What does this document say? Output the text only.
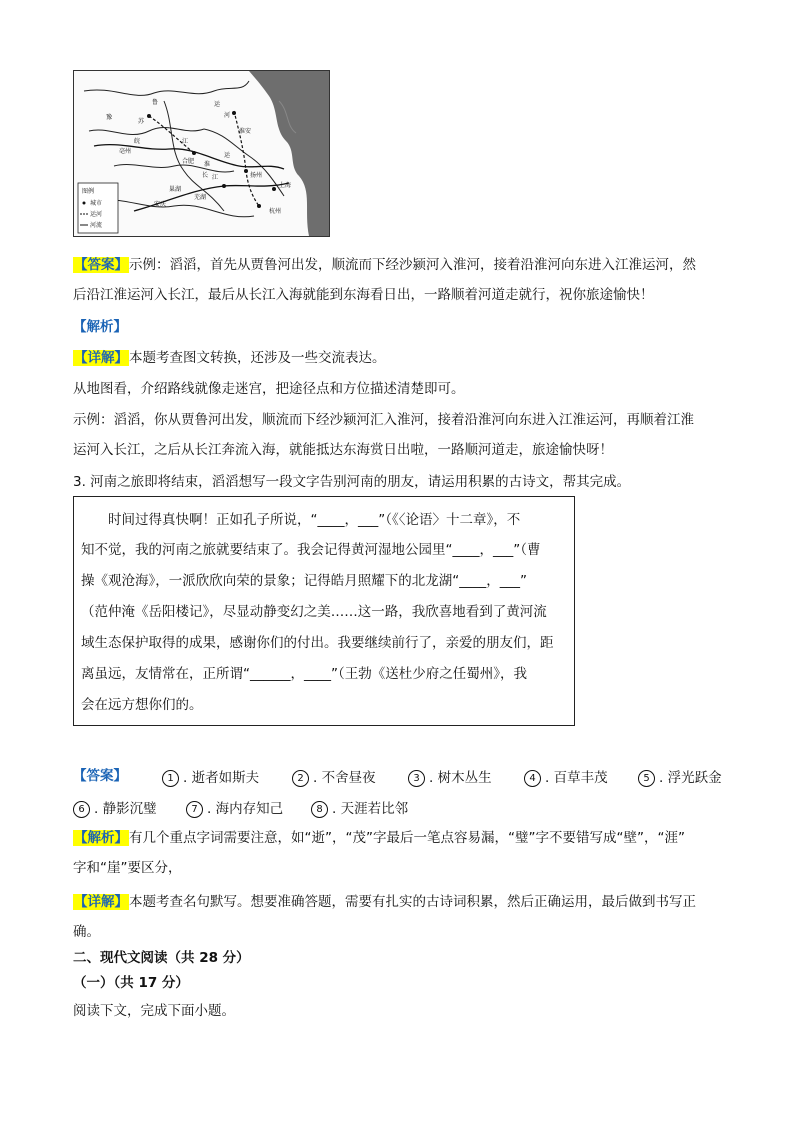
鲁
苏
皖
豫
运
河
淮安
江
淮
运
上海
杭州
扬州
长 江
巢湖
芜湖
安庆
合肥
亳州
图例
城市
运河
河流
【答案】示例：滔滔，首先从贾鲁河出发，顺流而下经沙颍河入淮河，接着沿淮河向东进入江淮运河，然
后沿江淮运河入长江，最后从长江入海就能到东海看日出，一路顺着河道走就行，祝你旅途愉快！
【解析】
【详解】本题考查图文转换，还涉及一些交流表达。
从地图看，介绍路线就像走迷宫，把途径点和方位描述清楚即可。
示例：滔滔，你从贾鲁河出发，顺流而下经沙颍河汇入淮河，接着沿淮河向东进入江淮运河，再顺着江淮
运河入长江，之后从长江奔流入海，就能抵达东海赏日出啦，一路顺河道走，旅途愉快呀！
3. 河南之旅即将结束，滔滔想写一段文字告别河南的朋友，请运用积累的古诗文，帮其完成。
　　时间过得真快啊！正如孔子所说，“____，___”（《〈论语〉十二章》，不
知不觉，我的河南之旅就要结束了。我会记得黄河湿地公园里“____，___”（曹
操《观沧海》，一派欣欣向荣的景象；记得皓月照耀下的北龙湖“____，___”
（范仲淹《岳阳楼记》，尽显动静变幻之美……这一路，我欣喜地看到了黄河流
域生态保护取得的成果，感谢你们的付出。我要继续前行了，亲爱的朋友们，距
离虽远，友情常在，正所谓“______，____”（王勃《送杜少府之任蜀州》，我
会在远方想你们的。
【答案】	1 . 逝者如斯夫	2 . 不舍昼夜	3 . 树木丛生	4 . 百草丰茂	5 . 浮光跃金
6 . 静影沉璧	7 . 海内存知己	8 . 天涯若比邻
【解析】有几个重点字词需要注意，如“逝”，“茂”字最后一笔点容易漏，“璧”字不要错写成“壁”，“涯”
字和“崖”要区分，
【详解】本题考查名句默写。想要准确答题，需要有扎实的古诗词积累，然后正确运用，最后做到书写正
确。
二、现代文阅读（共 28 分）
（一）（共 17 分）
阅读下文，完成下面小题。
